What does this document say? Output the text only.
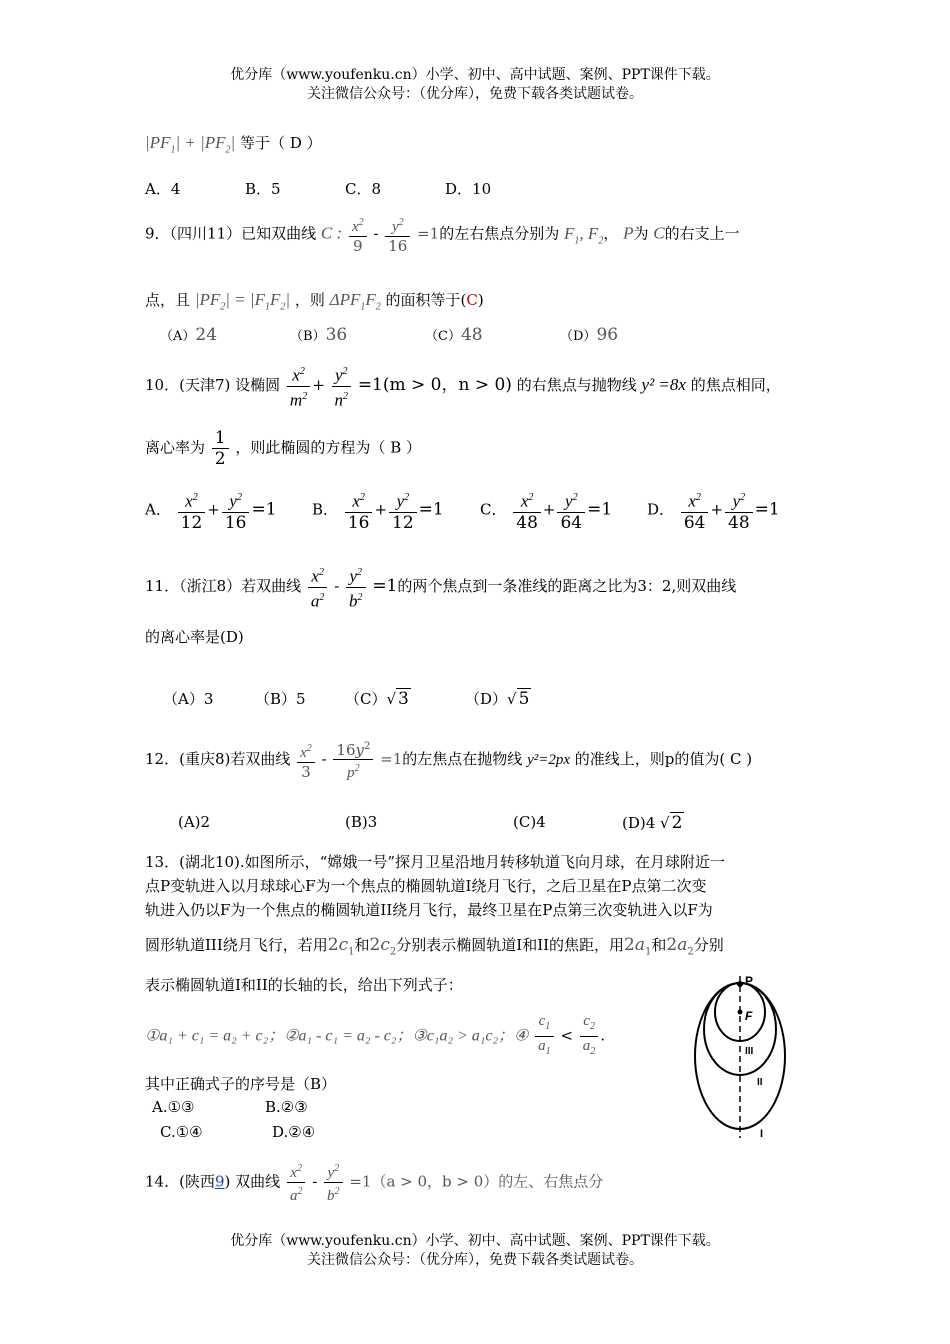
优分库（www.youfenku.cn）小学、初中、高中试题、案例、PPT课件下载。
关注微信公众号：（优分库），免费下载各类试题试卷。
$|PF_1| + |PF_2|$ 等于（ D ）
A．4	B．5	C．8	D．10
9．（四川11）已知双曲线 C : $\frac{x^2}{9} - \frac{y^2}{16} =1$的左右焦点分别为 $F_1$, $F_2$， P为 C的右支上一
点，且 $|PF_2| = |F_1F_2|$ ，则 $\Delta PF_1F_2$ 的面积等于(C)
（A）24	（B）36	（C）48	（D）96
10．(天津7) 设椭圆 $\frac{x^2}{m^2} + \frac{y^2}{n^2} =1(m > 0$，n > 0) 的右焦点与抛物线 y² =8x 的焦点相同，
离心率为 $\frac{1}{2}$ ，则此椭圆的方程为（ B ）
A． $\frac{x^2}{12} + \frac{y^2}{16} =1$ B． $\frac{x^2}{16} + \frac{y^2}{12} =1$ C． $\frac{x^2}{48} + \frac{y^2}{64} =1$ D． $\frac{x^2}{64} + \frac{y^2}{48} =1$
11．（浙江8）若双曲线 $\frac{x^2}{a^2} - \frac{y^2}{b^2} =1$的两个焦点到一条准线的距离之比为3：2,则双曲线
的离心率是(D)
（A）3	（B）5	（C）√ 3	（D）√ 5
12．(重庆8)若双曲线 $\frac{x^2}{3} - \frac{16y^2}{p^2} =1$的左焦点在抛物线 y²=2px 的准线上，则p的值为( C )
(A)2	(B)3	(C)4	(D)4 √ 2
13．(湖北10).如图所示，“嫦娥一号”探月卫星沿地月转移轨道飞向月球，在月球附近一
点P变轨进入以月球球心F为一个焦点的椭圆轨道I绕月飞行，之后卫星在P点第二次变
轨进入仍以F为一个焦点的椭圆轨道II绕月飞行，最终卫星在P点第三次变轨进入以F为
圆形轨道III绕月飞行，若用$2c_1$和$2c_2$分别表示椭圆轨道I和II的焦距，用$2a_1$和$2a_2$分别
表示椭圆轨道I和II的长轴的长，给出下列式子：
①a₁ + c₁ = a₂ + c₂；②a₁ - c₁ = a₂ - c₂；③c₁a₂ > a₁c₂；④ $\frac{c_1}{a_1} < \frac{c_2}{a_2}$ .
其中正确式子的序号是（B）
A.①③	B.②③
C.①④	D.②④
P
F
III
II
I
14．(陕西9) 双曲线 $\frac{x^2}{a^2} - \frac{y^2}{b^2} =1(a > 0$，b > 0）的左、右焦点分
优分库（www.youfenku.cn）小学、初中、高中试题、案例、PPT课件下载。
关注微信公众号：（优分库），免费下载各类试题试卷。
